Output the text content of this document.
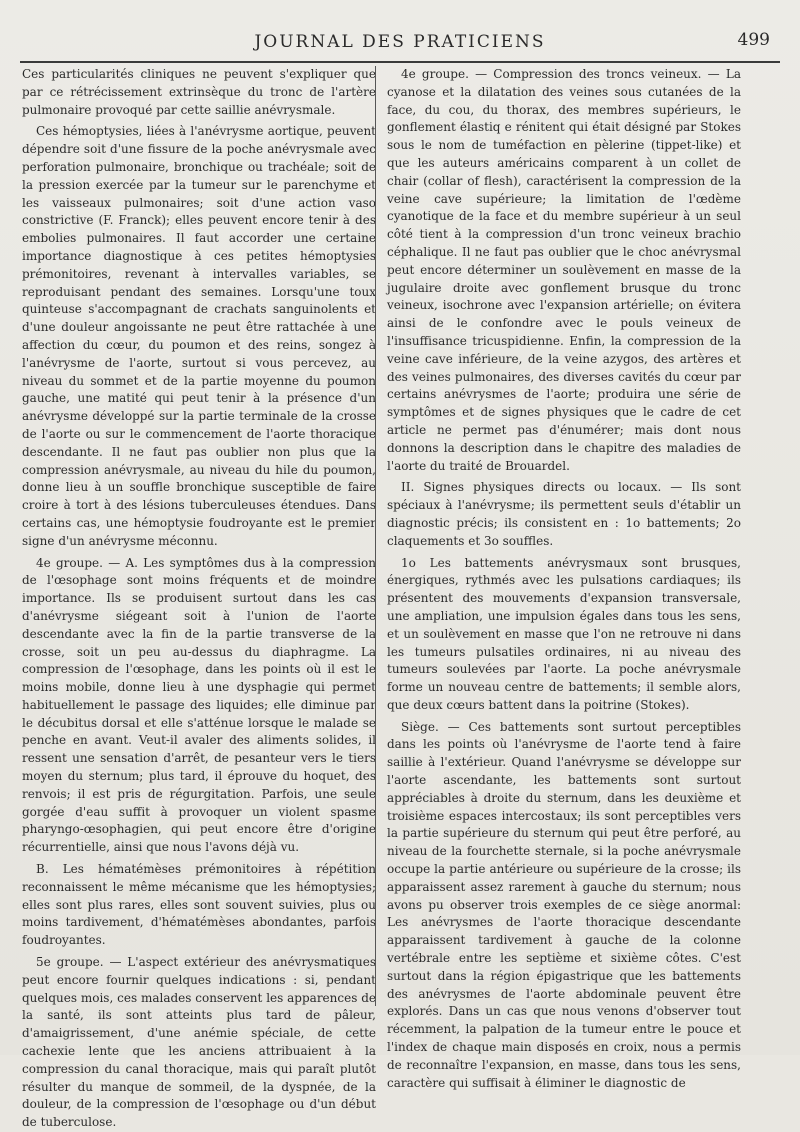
JOURNAL DES PRATICIENS	499

Ces particularités cliniques ne peuvent s'expliquer que par ce rétrécissement extrinsèque du tronc de l'artère pulmonaire provoqué par cette saillie anévrysmale.

Ces hémoptysies, liées à l'anévrysme aortique, peuvent dépendre soit d'une fissure de la poche anévrysmale avec perforation pulmonaire, bronchique ou trachéale; soit de la pression exercée par la tumeur sur le parenchyme et les vaisseaux pulmonaires; soit d'une action vaso constrictive (F. Franck); elles peuvent encore tenir à des embolies pulmonaires. Il faut accorder une certaine importance diagnostique à ces petites hémoptysies prémonitoires, revenant à intervalles variables, se reproduisant pendant des semaines. Lorsqu'une toux quinteuse s'accompagnant de crachats sanguinolents et d'une douleur angoissante ne peut être rattachée à une affection du cœur, du poumon et des reins, songez à l'anévrysme de l'aorte, surtout si vous percevez, au niveau du sommet et de la partie moyenne du poumon gauche, une matité qui peut tenir à la présence d'un anévrysme développé sur la partie terminale de la crosse de l'aorte ou sur le commencement de l'aorte thoracique descendante. Il ne faut pas oublier non plus que la compression anévrysmale, au niveau du hile du poumon, donne lieu à un souffle bronchique susceptible de faire croire à tort à des lésions tuberculeuses étendues. Dans certains cas, une hémoptysie foudroyante est le premier signe d'un anévrysme méconnu.

4e groupe. — A. Les symptômes dus à la compression de l'œsophage sont moins fréquents et de moindre importance. Ils se produisent surtout dans les cas d'anévrysme siégeant soit à l'union de l'aorte descendante avec la fin de la partie transverse de la crosse, soit un peu au-dessus du diaphragme. La compression de l'œsophage, dans les points où il est le moins mobile, donne lieu à une dysphagie qui permet habituellement le passage des liquides; elle diminue par le décubitus dorsal et elle s'atténue lorsque le malade se penche en avant. Veut-il avaler des aliments solides, il ressent une sensation d'arrêt, de pesanteur vers le tiers moyen du sternum; plus tard, il éprouve du hoquet, des renvois; il est pris de régurgitation. Parfois, une seule gorgée d'eau suffit à provoquer un violent spasme pharyngo-œsophagien, qui peut encore être d'origine récurrentielle, ainsi que nous l'avons déjà vu.

B. Les hématémèses prémonitoires à répétition reconnaissent le même mécanisme que les hémoptysies; elles sont plus rares, elles sont souvent suivies, plus ou moins tardivement, d'hématémèses abondantes, parfois foudroyantes.

5e groupe. — L'aspect extérieur des anévrysmatiques peut encore fournir quelques indications : si, pendant quelques mois, ces malades conservent les apparences de la santé, ils sont atteints plus tard de pâleur, d'amaigrissement, d'une anémie spéciale, de cette cachexie lente que les anciens attribuaient à la compression du canal thoracique, mais qui paraît plutôt résulter du manque de sommeil, de la dyspnée, de la douleur, de la compression de l'œsophage ou d'un début de tuberculose.

4e groupe. — Compression des troncs veineux. — La cyanose et la dilatation des veines sous cutanées de la face, du cou, du thorax, des membres supérieurs, le gonflement élastiq e rénitent qui était désigné par Stokes sous le nom de tuméfaction en pèlerine (tippet-like) et que les auteurs américains comparent à un collet de chair (collar of flesh), caractérisent la compression de la veine cave supérieure; la limitation de l'œdème cyanotique de la face et du membre supérieur à un seul côté tient à la compression d'un tronc veineux brachio céphalique. Il ne faut pas oublier que le choc anévrysmal peut encore déterminer un soulèvement en masse de la jugulaire droite avec gonflement brusque du tronc veineux, isochrone avec l'expansion artérielle; on évitera ainsi de le confondre avec le pouls veineux de l'insuffisance tricuspidienne. Enfin, la compression de la veine cave inférieure, de la veine azygos, des artères et des veines pulmonaires, des diverses cavités du cœur par certains anévrysmes de l'aorte; produira une série de symptômes et de signes physiques que le cadre de cet article ne permet pas d'énumérer; mais dont nous donnons la description dans le chapitre des maladies de l'aorte du traité de Brouardel.

II. Signes physiques directs ou locaux. — Ils sont spéciaux à l'anévrysme; ils permettent seuls d'établir un diagnostic précis; ils consistent en : 1o battements; 2o claquements et 3o souffles.

1o Les battements anévrysmaux sont brusques, énergiques, rythmés avec les pulsations cardiaques; ils présentent des mouvements d'expansion transversale, une ampliation, une impulsion égales dans tous les sens, et un soulèvement en masse que l'on ne retrouve ni dans les tumeurs pulsatiles ordinaires, ni au niveau des tumeurs soulevées par l'aorte. La poche anévrysmale forme un nouveau centre de battements; il semble alors, que deux cœurs battent dans la poitrine (Stokes).

Siège. — Ces battements sont surtout perceptibles dans les points où l'anévrysme de l'aorte tend à faire saillie à l'extérieur. Quand l'anévrysme se développe sur l'aorte ascendante, les battements sont surtout appréciables à droite du sternum, dans les deuxième et troisième espaces intercostaux; ils sont perceptibles vers la partie supérieure du sternum qui peut être perforé, au niveau de la fourchette sternale, si la poche anévrysmale occupe la partie antérieure ou supérieure de la crosse; ils apparaissent assez rarement à gauche du sternum; nous avons pu observer trois exemples de ce siège anormal: Les anévrysmes de l'aorte thoracique descendante apparaissent tardivement à gauche de la colonne vertébrale entre les septième et sixième côtes. C'est surtout dans la région épigastrique que les battements des anévrysmes de l'aorte abdominale peuvent être explorés. Dans un cas que nous venons d'observer tout récemment, la palpation de la tumeur entre le pouce et l'index de chaque main disposés en croix, nous a permis de reconnaître l'expansion, en masse, dans tous les sens, caractère qui suffisait à éliminer le diagnostic de
